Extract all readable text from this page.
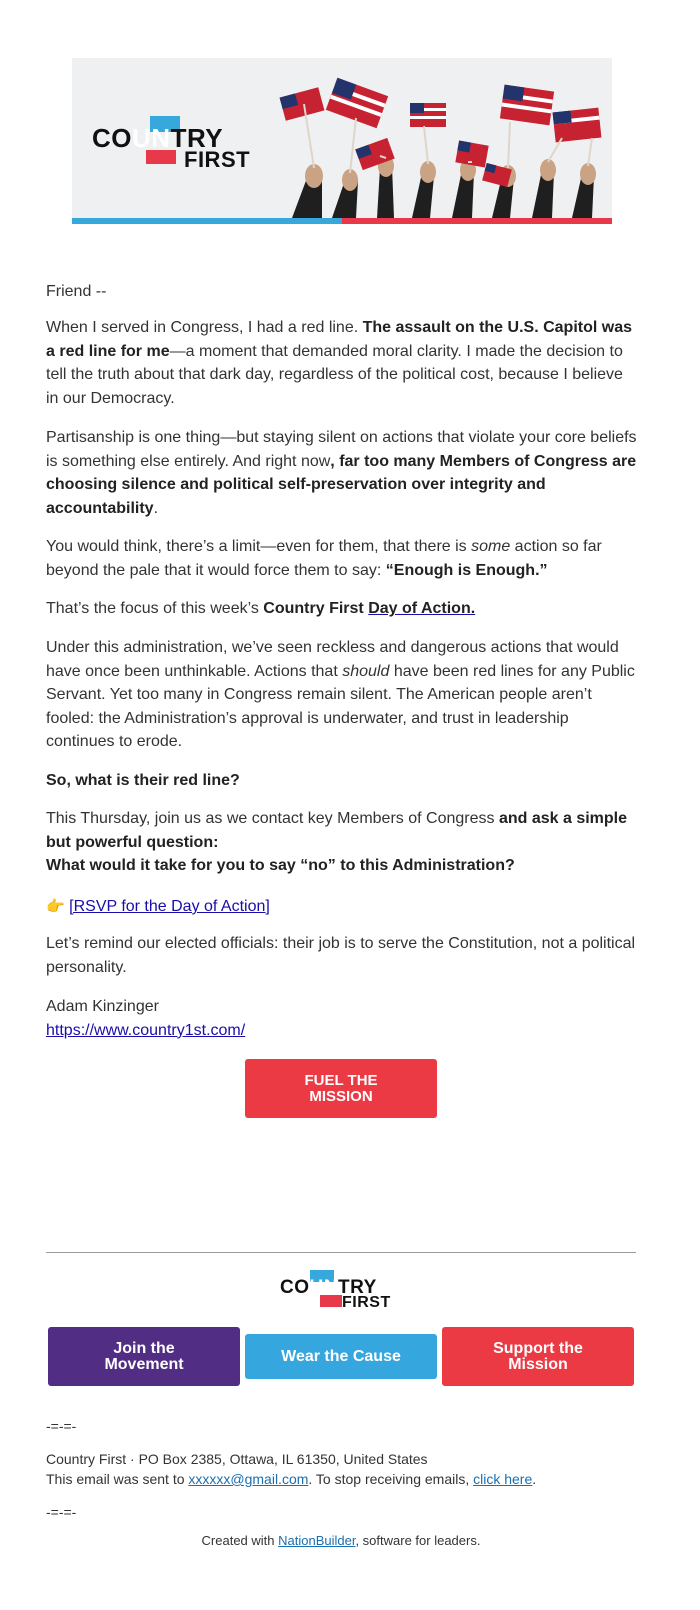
COUNTRY
FIRST

Friend --

When I served in Congress, I had a red line. The assault on the U.S. Capitol was a red line for me—a moment that demanded moral clarity. I made the decision to tell the truth about that dark day, regardless of the political cost, because I believe in our Democracy.

Partisanship is one thing—but staying silent on actions that violate your core beliefs is something else entirely. And right now, far too many Members of Congress are choosing silence and political self-preservation over integrity and accountability.

You would think, there’s a limit—even for them, that there is some action so far beyond the pale that it would force them to say: “Enough is Enough.”

That’s the focus of this week’s Country First Day of Action.

Under this administration, we’ve seen reckless and dangerous actions that would have once been unthinkable. Actions that should have been red lines for any Public Servant. Yet too many in Congress remain silent. The American people aren’t fooled: the Administration’s approval is underwater, and trust in leadership continues to erode.

So, what is their red line?

This Thursday, join us as we contact key Members of Congress and ask a simple but powerful question:
What would it take for you to say “no” to this Administration?

👉 [RSVP for the Day of Action]

Let’s remind our elected officials: their job is to serve the Constitution, not a political personality.

Adam Kinzinger

https://www.country1st.com/

FUEL THE
MISSION
COUNTRY
FIRST
Join the
Movement	Wear the Cause	Support the
Mission
-=-=-
Country First · PO Box 2385, Ottawa, IL 61350, United States
This email was sent to xxxxxx@gmail.com. To stop receiving emails, click here.
-=-=-
Created with NationBuilder, software for leaders.
